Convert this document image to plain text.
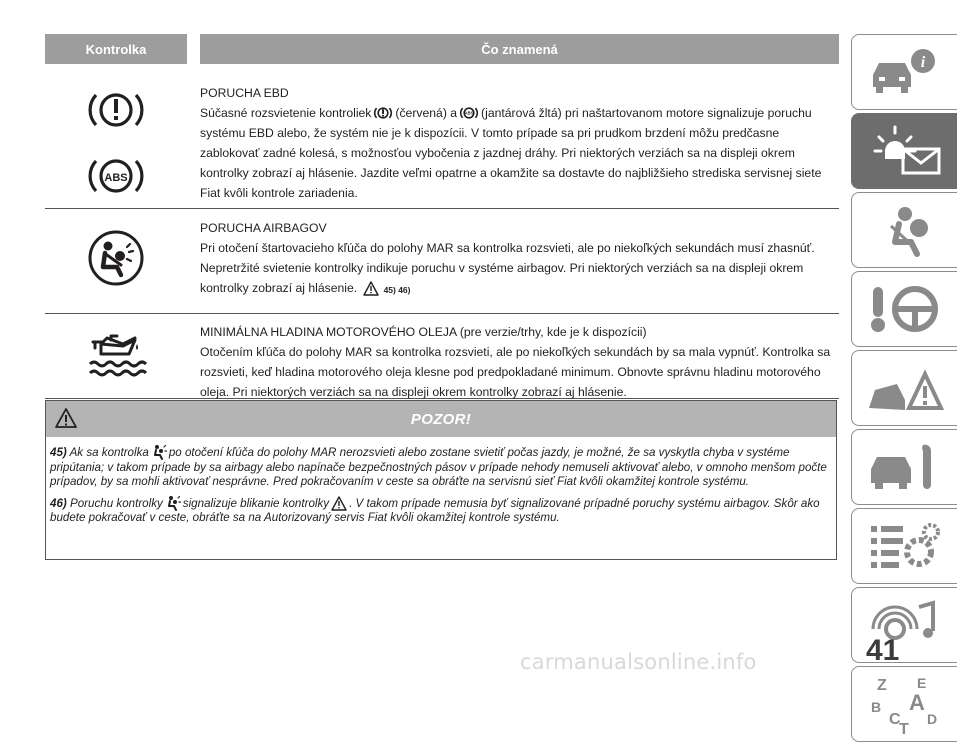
Kontrolka	Čo znamená
ABS
PORUCHA EBD
Súčasné rozsvietenie kontroliek (červená) a ABS (jantárová žltá) pri naštartovanom motore signalizuje poruchu systému EBD alebo, že systém nie je k dispozícii. V tomto prípade sa pri prudkom brzdení môžu predčasne zablokovať zadné kolesá, s možnosťou vybočenia z jazdnej dráhy. Pri niektorých verziách sa na displeji okrem kontrolky zobrazí aj hlásenie. Jazdite veľmi opatrne a okamžite sa dostavte do najbližšieho strediska servisnej siete Fiat kvôli kontrole zariadenia.
PORUCHA AIRBAGOV
Pri otočení štartovacieho kľúča do polohy MAR sa kontrolka rozsvieti, ale po niekoľkých sekundách musí zhasnúť. Nepretržité svietenie kontrolky indikuje poruchu v systéme airbagov. Pri niektorých verziách sa na displeji okrem kontrolky zobrazí aj hlásenie.	45) 46)
MINIMÁLNA HLADINA MOTOROVÉHO OLEJA (pre verzie/trhy, kde je k dispozícii)
Otočením kľúča do polohy MAR sa kontrolka rozsvieti, ale po niekoľkých sekundách by sa mala vypnúť. Kontrolka sa rozsvieti, keď hladina motorového oleja klesne pod predpokladané minimum. Obnovte správnu hladinu motorového oleja. Pri niektorých verziách sa na displeji okrem kontrolky zobrazí aj hlásenie.
POZOR!

45) Ak sa kontrolka po otočení kľúča do polohy MAR nerozsvieti alebo zostane svietiť počas jazdy, je možné, že sa vyskytla chyba v systéme pripútania; v takom prípade by sa airbagy alebo napínače bezpečnostných pásov v prípade nehody nemuseli aktivovať alebo, v omnoho menšom počte prípadov, by sa mohli aktivovať nesprávne. Pred pokračovaním v ceste sa obráťte na servisnú sieť Fiat kvôli okamžitej kontrole systému.

46) Poruchu kontrolky signalizuje blikanie kontrolky . V takom prípade nemusia byť signalizované prípadné poruchy systému airbagov. Skôr ako budete pokračovať v ceste, obráťte sa na Autorizovaný servis Fiat kvôli okamžitej kontrole systému.

i
Z E
B A
C D
T
41
carmanualsonline.info
